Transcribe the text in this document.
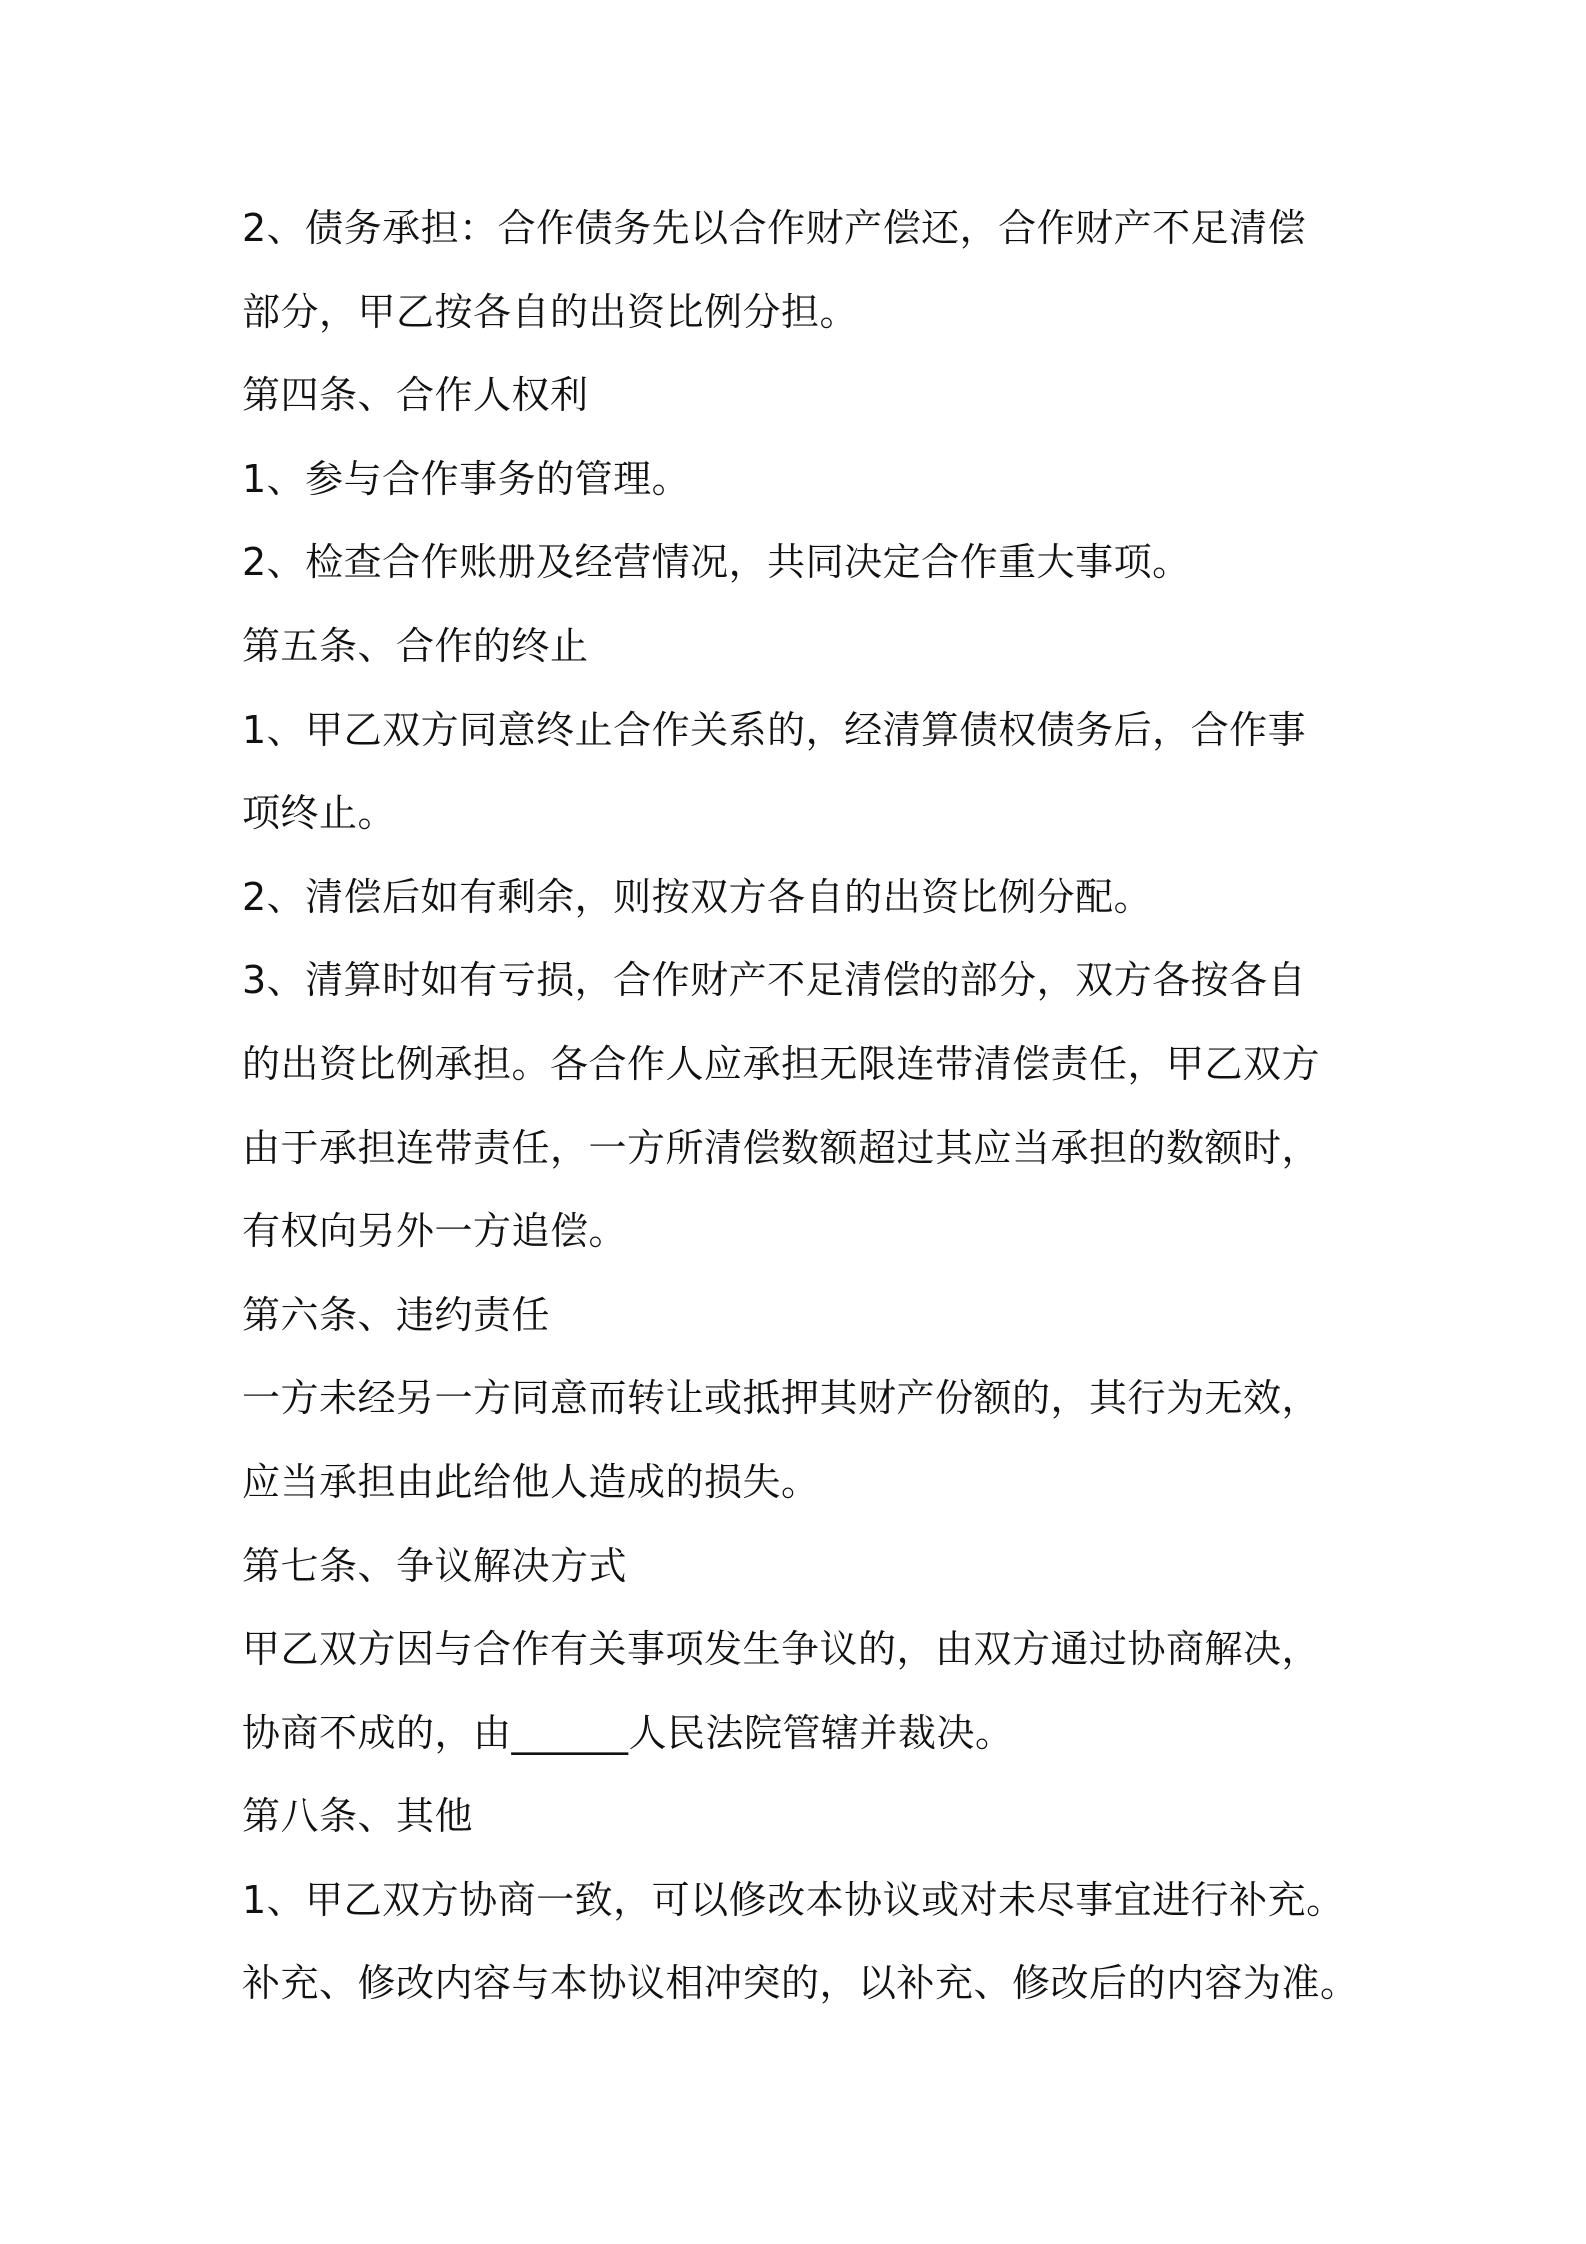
2、债务承担：合作债务先以合作财产偿还，合作财产不足清偿
部分，甲乙按各自的出资比例分担。
第四条、合作人权利
1、参与合作事务的管理。
2、检查合作账册及经营情况，共同决定合作重大事项。
第五条、合作的终止
1、甲乙双方同意终止合作关系的，经清算债权债务后，合作事
项终止。
2、清偿后如有剩余，则按双方各自的出资比例分配。
3、清算时如有亏损，合作财产不足清偿的部分，双方各按各自
的出资比例承担。各合作人应承担无限连带清偿责任，甲乙双方
由于承担连带责任，一方所清偿数额超过其应当承担的数额时，
有权向另外一方追偿。
第六条、违约责任
一方未经另一方同意而转让或抵押其财产份额的，其行为无效，
应当承担由此给他人造成的损失。
第七条、争议解决方式
甲乙双方因与合作有关事项发生争议的，由双方通过协商解决，
协商不成的，由______人民法院管辖并裁决。
第八条、其他
1、甲乙双方协商一致，可以修改本协议或对未尽事宜进行补充。
补充、修改内容与本协议相冲突的，以补充、修改后的内容为准。
